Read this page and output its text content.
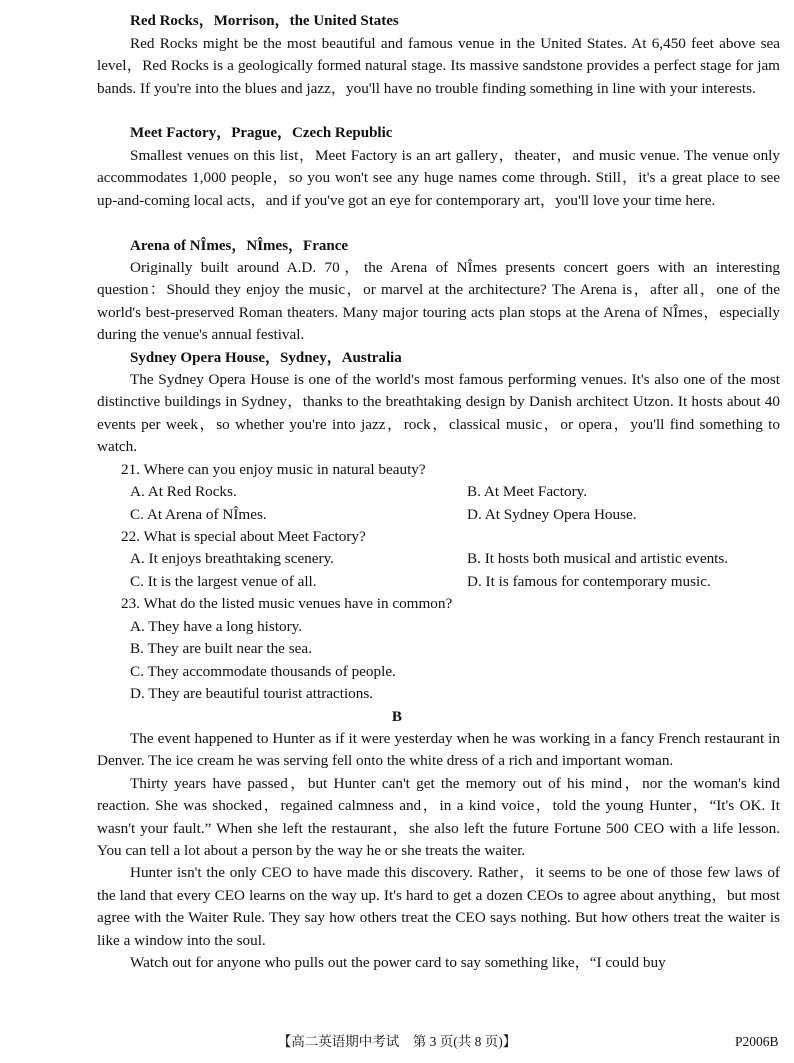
Red Rocks，Morrison，the United States

Red Rocks might be the most beautiful and famous venue in the United States. At 6,450 feet above sea level，Red Rocks is a geologically formed natural stage. Its massive sandstone provides a perfect stage for jam bands. If you're into the blues and jazz，you'll have no trouble finding something in line with your interests.

Meet Factory，Prague，Czech Republic

Smallest venues on this list，Meet Factory is an art gallery，theater，and music venue. The venue only accommodates 1,000 people，so you won't see any huge names come through. Still，it's a great place to see up-and-coming local acts，and if you've got an eye for contemporary art，you'll love your time here.

Arena of NÎmes，NÎmes，France

Originally built around A.D. 70，the Arena of NÎmes presents concert goers with an interesting question：Should they enjoy the music，or marvel at the architecture? The Arena is，after all，one of the world's best-preserved Roman theaters. Many major touring acts plan stops at the Arena of NÎmes，especially during the venue's annual festival.

Sydney Opera House，Sydney，Australia

The Sydney Opera House is one of the world's most famous performing venues. It's also one of the most distinctive buildings in Sydney，thanks to the breathtaking design by Danish architect Utzon. It hosts about 40 events per week，so whether you're into jazz，rock，classical music，or opera，you'll find something to watch.

21. Where can you enjoy music in natural beauty?
A. At Red Rocks.	B. At Meet Factory.
C. At Arena of NÎmes.	D. At Sydney Opera House.
22. What is special about Meet Factory?
A. It enjoys breathtaking scenery.	B. It hosts both musical and artistic events.
C. It is the largest venue of all.	D. It is famous for contemporary music.
23. What do the listed music venues have in common?
A. They have a long history.
B. They are built near the sea.
C. They accommodate thousands of people.
D. They are beautiful tourist attractions.
B

The event happened to Hunter as if it were yesterday when he was working in a fancy French restaurant in Denver. The ice cream he was serving fell onto the white dress of a rich and important woman.

Thirty years have passed，but Hunter can't get the memory out of his mind，nor the woman's kind reaction. She was shocked，regained calmness and，in a kind voice，told the young Hunter，“It's OK. It wasn't your fault.” When she left the restaurant，she also left the future Fortune 500 CEO with a life lesson. You can tell a lot about a person by the way he or she treats the waiter.

Hunter isn't the only CEO to have made this discovery. Rather，it seems to be one of those few laws of the land that every CEO learns on the way up. It's hard to get a dozen CEOs to agree about anything，but most agree with the Waiter Rule. They say how others treat the CEO says nothing. But how others treat the waiter is like a window into the soul.

Watch out for anyone who pulls out the power card to say something like，“I could buy

【高二英语期中考试　第 3 页(共 8 页)】	P2006B
